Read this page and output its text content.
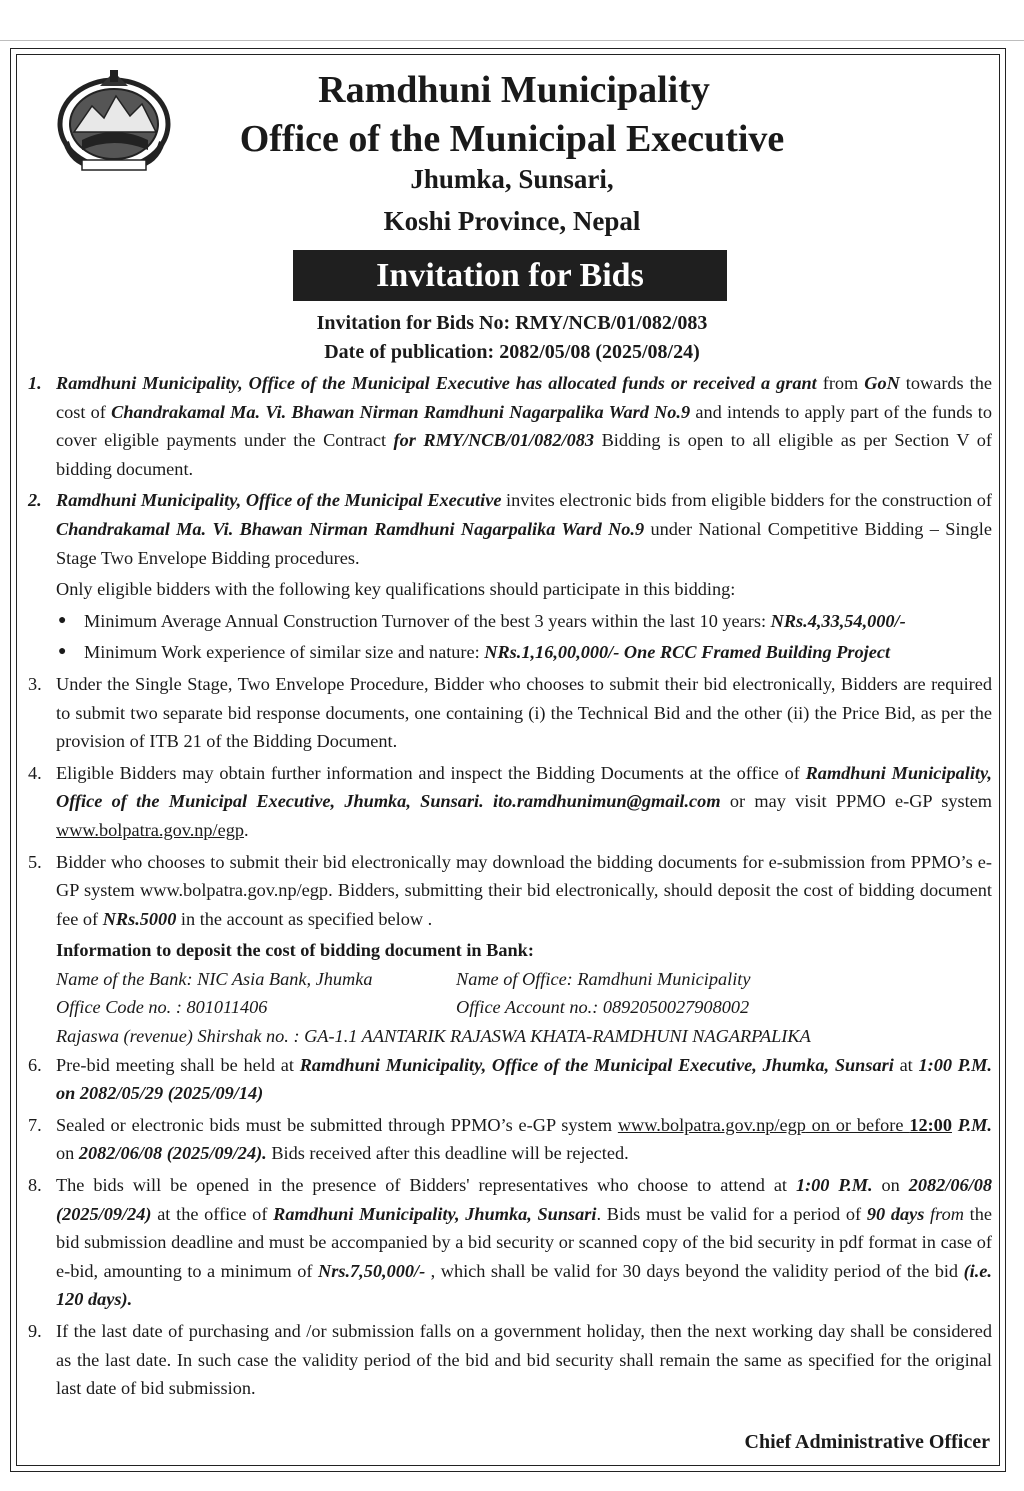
Ramdhuni Municipality
Office of the Municipal Executive
Jhumka, Sunsari,
Koshi Province, Nepal
Invitation for Bids
Invitation for Bids No: RMY/NCB/01/082/083
Date of publication: 2082/05/08 (2025/08/24)
1. Ramdhuni Municipality, Office of the Municipal Executive has allocated funds or received a grant from GoN towards the cost of Chandrakamal Ma. Vi. Bhawan Nirman Ramdhuni Nagarpalika Ward No.9 and intends to apply part of the funds to cover eligible payments under the Contract for RMY/NCB/01/082/083 Bidding is open to all eligible as per Section V of bidding document.
2. Ramdhuni Municipality, Office of the Municipal Executive invites electronic bids from eligible bidders for the construction of Chandrakamal Ma. Vi. Bhawan Nirman Ramdhuni Nagarpalika Ward No.9 under National Competitive Bidding – Single Stage Two Envelope Bidding procedures.
Only eligible bidders with the following key qualifications should participate in this bidding:
● Minimum Average Annual Construction Turnover of the best 3 years within the last 10 years: NRs.4,33,54,000/-
● Minimum Work experience of similar size and nature: NRs.1,16,00,000/- One RCC Framed Building Project
3. Under the Single Stage, Two Envelope Procedure, Bidder who chooses to submit their bid electronically, Bidders are required to submit two separate bid response documents, one containing (i) the Technical Bid and the other (ii) the Price Bid, as per the provision of ITB 21 of the Bidding Document.
4. Eligible Bidders may obtain further information and inspect the Bidding Documents at the office of Ramdhuni Municipality, Office of the Municipal Executive, Jhumka, Sunsari. ito.ramdhunimun@gmail.com or may visit PPMO e-GP system www.bolpatra.gov.np/egp.
5. Bidder who chooses to submit their bid electronically may download the bidding documents for e-submission from PPMO’s e-GP system www.bolpatra.gov.np/egp. Bidders, submitting their bid electronically, should deposit the cost of bidding document fee of NRs.5000 in the account as specified below .
Information to deposit the cost of bidding document in Bank:
Name of the Bank: NIC Asia Bank, Jhumka	Name of Office: Ramdhuni Municipality
Office Code no. : 801011406	Office Account no.: 0892050027908002
Rajaswa (revenue) Shirshak no. : GA-1.1 AANTARIK RAJASWA KHATA-RAMDHUNI NAGARPALIKA
6. Pre-bid meeting shall be held at Ramdhuni Municipality, Office of the Municipal Executive, Jhumka, Sunsari at 1:00 P.M. on 2082/05/29 (2025/09/14)
7. Sealed or electronic bids must be submitted through PPMO’s e-GP system www.bolpatra.gov.np/egp on or before 12:00 P.M. on 2082/06/08 (2025/09/24). Bids received after this deadline will be rejected.
8. The bids will be opened in the presence of Bidders' representatives who choose to attend at 1:00 P.M. on 2082/06/08 (2025/09/24) at the office of Ramdhuni Municipality, Jhumka, Sunsari. Bids must be valid for a period of 90 days from the bid submission deadline and must be accompanied by a bid security or scanned copy of the bid security in pdf format in case of e-bid, amounting to a minimum of Nrs.7,50,000/- , which shall be valid for 30 days beyond the validity period of the bid (i.e. 120 days).
9. If the last date of purchasing and /or submission falls on a government holiday, then the next working day shall be considered as the last date. In such case the validity period of the bid and bid security shall remain the same as specified for the original last date of bid submission.
Chief Administrative Officer
